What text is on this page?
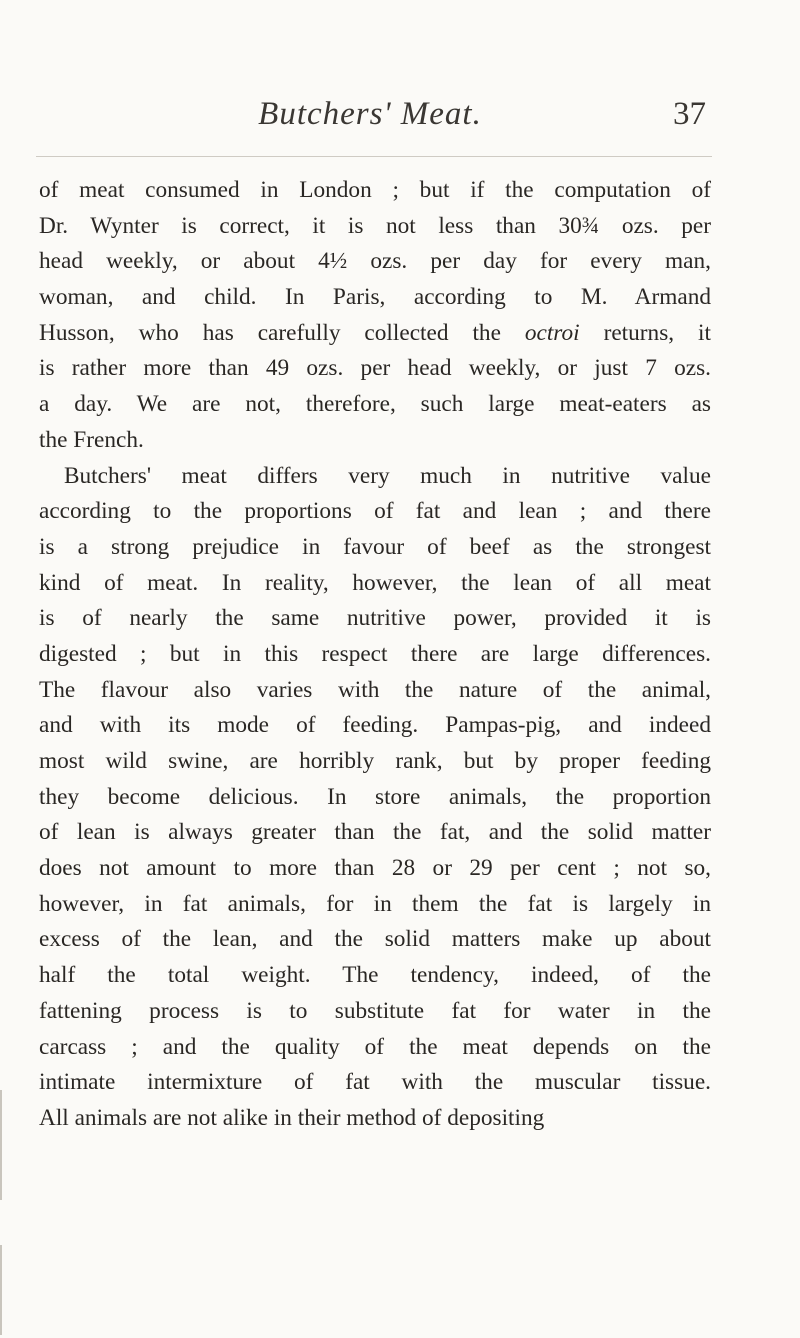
Butchers' Meat.	37
of meat consumed in London ; but if the computation of
Dr. Wynter is correct, it is not less than 30¾ ozs. per
head weekly, or about 4½ ozs. per day for every man,
woman, and child. In Paris, according to M. Armand
Husson, who has carefully collected the octroi returns, it
is rather more than 49 ozs. per head weekly, or just 7 ozs.
a day. We are not, therefore, such large meat-eaters as
the French.
Butchers' meat differs very much in nutritive value
according to the proportions of fat and lean ; and there
is a strong prejudice in favour of beef as the strongest
kind of meat. In reality, however, the lean of all meat
is of nearly the same nutritive power, provided it is
digested ; but in this respect there are large differences.
The flavour also varies with the nature of the animal,
and with its mode of feeding. Pampas-pig, and indeed
most wild swine, are horribly rank, but by proper feeding
they become delicious. In store animals, the proportion
of lean is always greater than the fat, and the solid matter
does not amount to more than 28 or 29 per cent ; not so,
however, in fat animals, for in them the fat is largely in
excess of the lean, and the solid matters make up about
half the total weight. The tendency, indeed, of the
fattening process is to substitute fat for water in the
carcass ; and the quality of the meat depends on the
intimate intermixture of fat with the muscular tissue.
All animals are not alike in their method of depositing
